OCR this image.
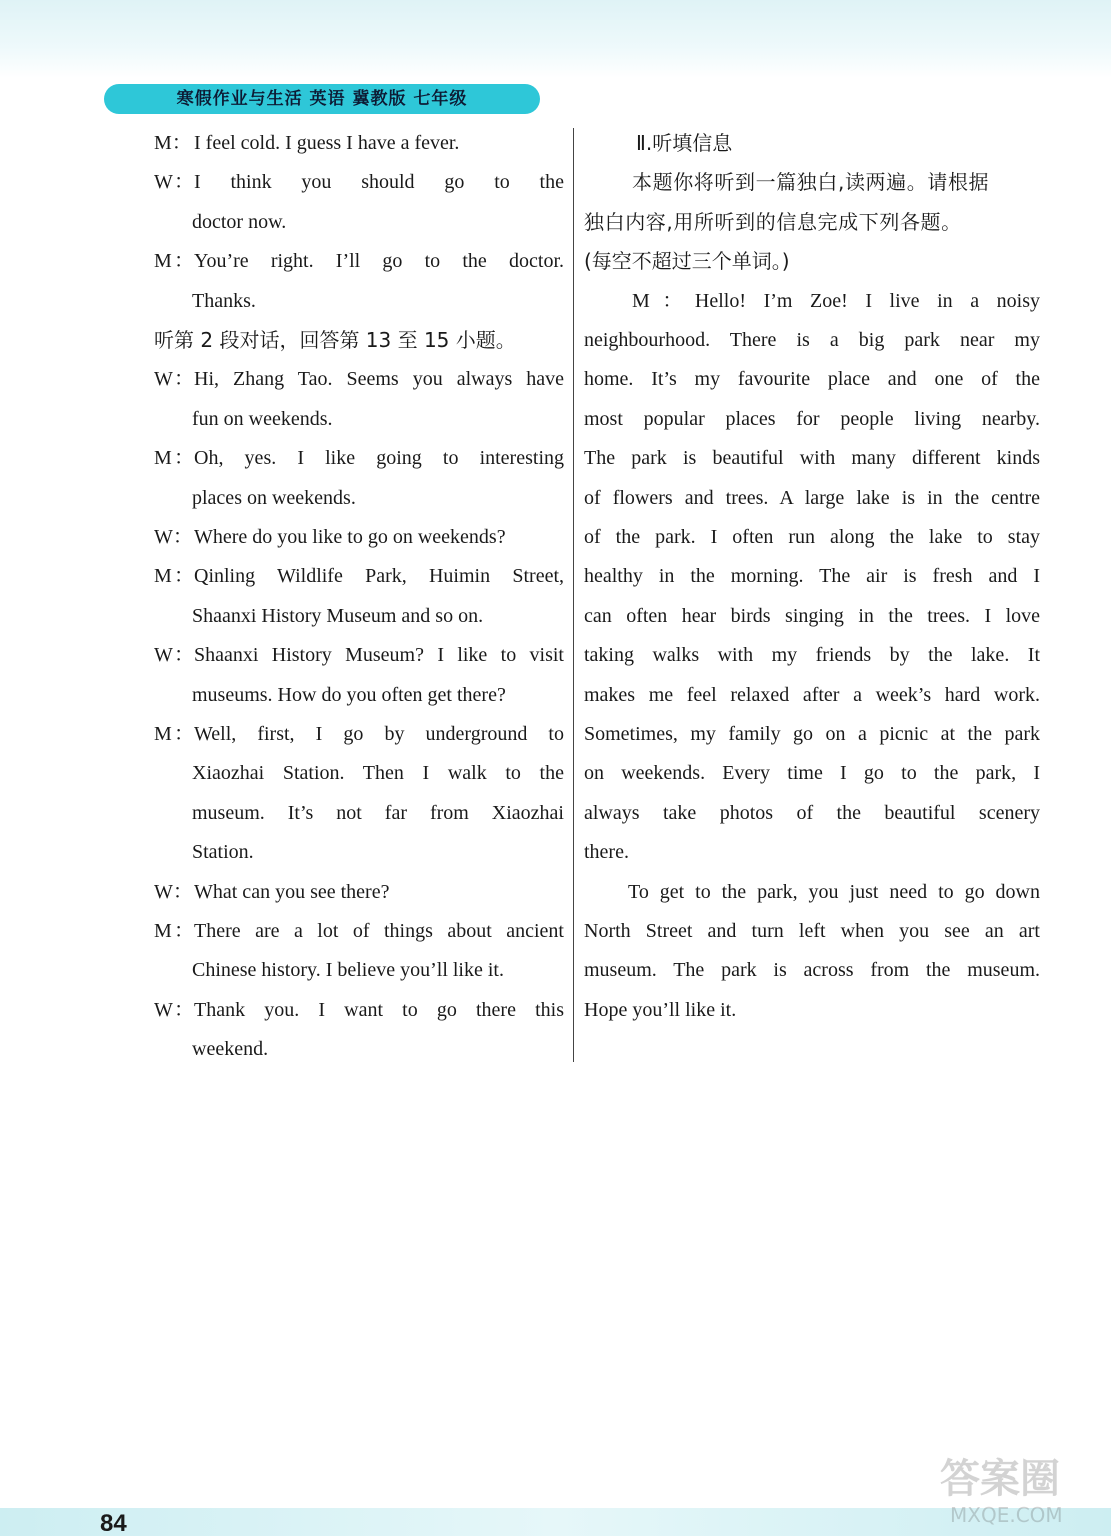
寒假作业与生活 英语 冀教版 七年级
M： I feel cold. I guess I have a fever.
W：I think you should go to the
doctor now.
M：You’re right. I’ll go to the doctor.
Thanks.
听第 2 段对话，回答第 13 至 15 小题。
W：Hi, Zhang Tao. Seems you always have
fun on weekends.
M：Oh, yes. I like going to interesting
places on weekends.
W：Where do you like to go on weekends?
M：Qinling Wildlife Park, Huimin Street,
Shaanxi History Museum and so on.
W：Shaanxi History Museum? I like to visit
museums. How do you often get there?
M：Well, first, I go by underground to
Xiaozhai Station. Then I walk to the
museum. It’s not far from Xiaozhai
Station.
W：What can you see there?
M：There are a lot of things about ancient
Chinese history. I believe you’ll like it.
W：Thank you. I want to go there this
weekend.
Ⅱ.听填信息
本题你将听到一篇独白,读两遍。请根据
独白内容,用所听到的信息完成下列各题。
(每空不超过三个单词。)
M：Hello! I’m Zoe! I live in a noisy
neighbourhood. There is a big park near my
home. It’s my favourite place and one of the
most popular places for people living nearby.
The park is beautiful with many different kinds
of flowers and trees. A large lake is in the centre
of the park. I often run along the lake to stay
healthy in the morning. The air is fresh and I
can often hear birds singing in the trees. I love
taking walks with my friends by the lake. It
makes me feel relaxed after a week’s hard work.
Sometimes, my family go on a picnic at the park
on weekends. Every time I go to the park, I
always take photos of the beautiful scenery
there.
To get to the park, you just need to go down
North Street and turn left when you see an art
museum. The park is across from the museum.
Hope you’ll like it.
84
答案圈
MXQE.COM
